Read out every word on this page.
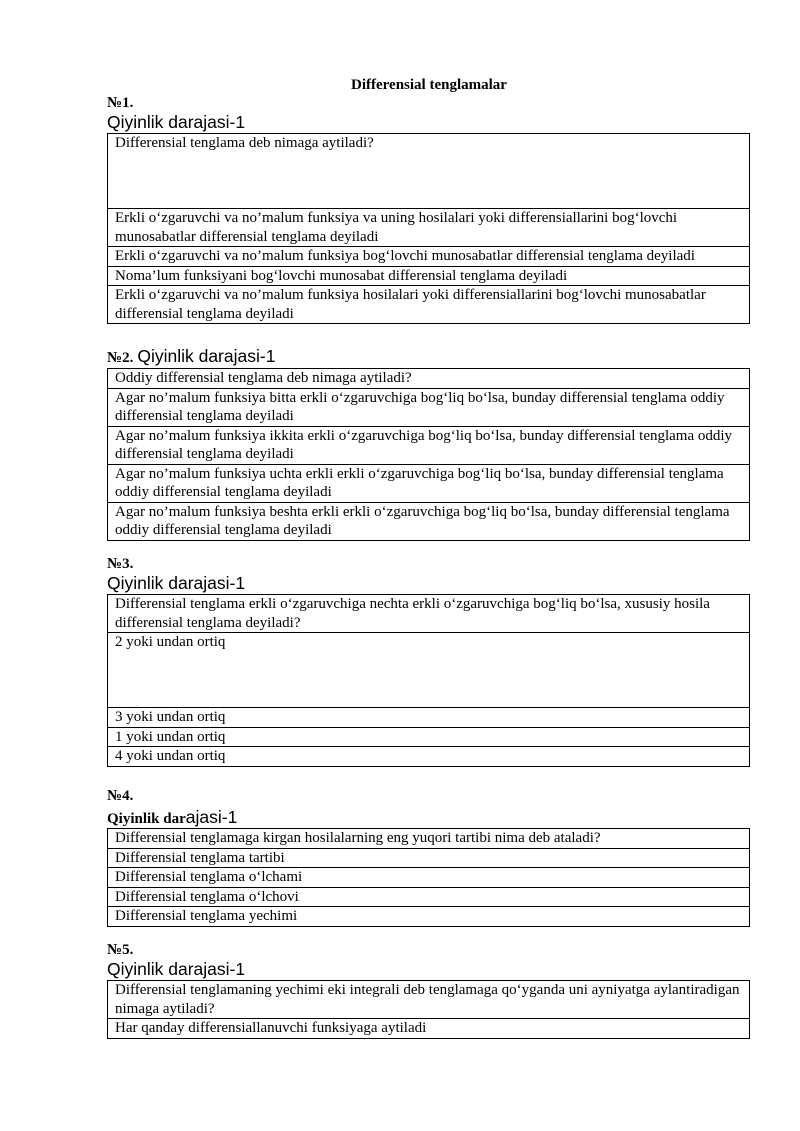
Differensial tenglamalar
№1.
Qiyinlik darajasi-1
Differensial tenglama deb nimaga aytiladi?
Erkli o‘zgaruvchi va no’malum funksiya va uning hosilalari yoki differensiallarini bog‘lovchi munosabatlar differensial tenglama deyiladi
Erkli o‘zgaruvchi va no’malum funksiya bog‘lovchi munosabatlar differensial tenglama deyiladi
Noma’lum funksiyani bog‘lovchi munosabat differensial tenglama deyiladi
Erkli o‘zgaruvchi va no’malum funksiya hosilalari yoki differensiallarini bog‘lovchi munosabatlar differensial tenglama deyiladi
№2. Qiyinlik darajasi-1
Oddiy differensial tenglama deb nimaga aytiladi?
Agar no’malum funksiya bitta erkli o‘zgaruvchiga bog‘liq bo‘lsa, bunday differensial tenglama oddiy differensial tenglama deyiladi
Agar no’malum funksiya ikkita erkli o‘zgaruvchiga bog‘liq bo‘lsa, bunday differensial tenglama oddiy differensial tenglama deyiladi
Agar no’malum funksiya uchta erkli erkli o‘zgaruvchiga bog‘liq bo‘lsa, bunday differensial tenglama oddiy differensial tenglama deyiladi
Agar no’malum funksiya beshta erkli erkli o‘zgaruvchiga bog‘liq bo‘lsa, bunday differensial tenglama oddiy differensial tenglama deyiladi
№3.
Qiyinlik darajasi-1
Differensial tenglama erkli o‘zgaruvchiga nechta erkli o‘zgaruvchiga bog‘liq bo‘lsa, xususiy hosila differensial tenglama deyiladi?
2 yoki undan ortiq
3 yoki undan ortiq
1 yoki undan ortiq
4 yoki undan ortiq
№4.
Qiyinlik darajasi-1
Differensial tenglamaga kirgan hosilalarning eng yuqori tartibi nima deb ataladi?
Differensial tenglama tartibi
Differensial tenglama o‘lchami
Differensial tenglama o‘lchovi
Differensial tenglama yechimi
№5.
Qiyinlik darajasi-1
Differensial tenglamaning yechimi eki integrali deb tenglamaga qo‘yganda uni ayniyatga aylantiradigan nimaga aytiladi?
Har qanday differensiallanuvchi funksiyaga aytiladi
